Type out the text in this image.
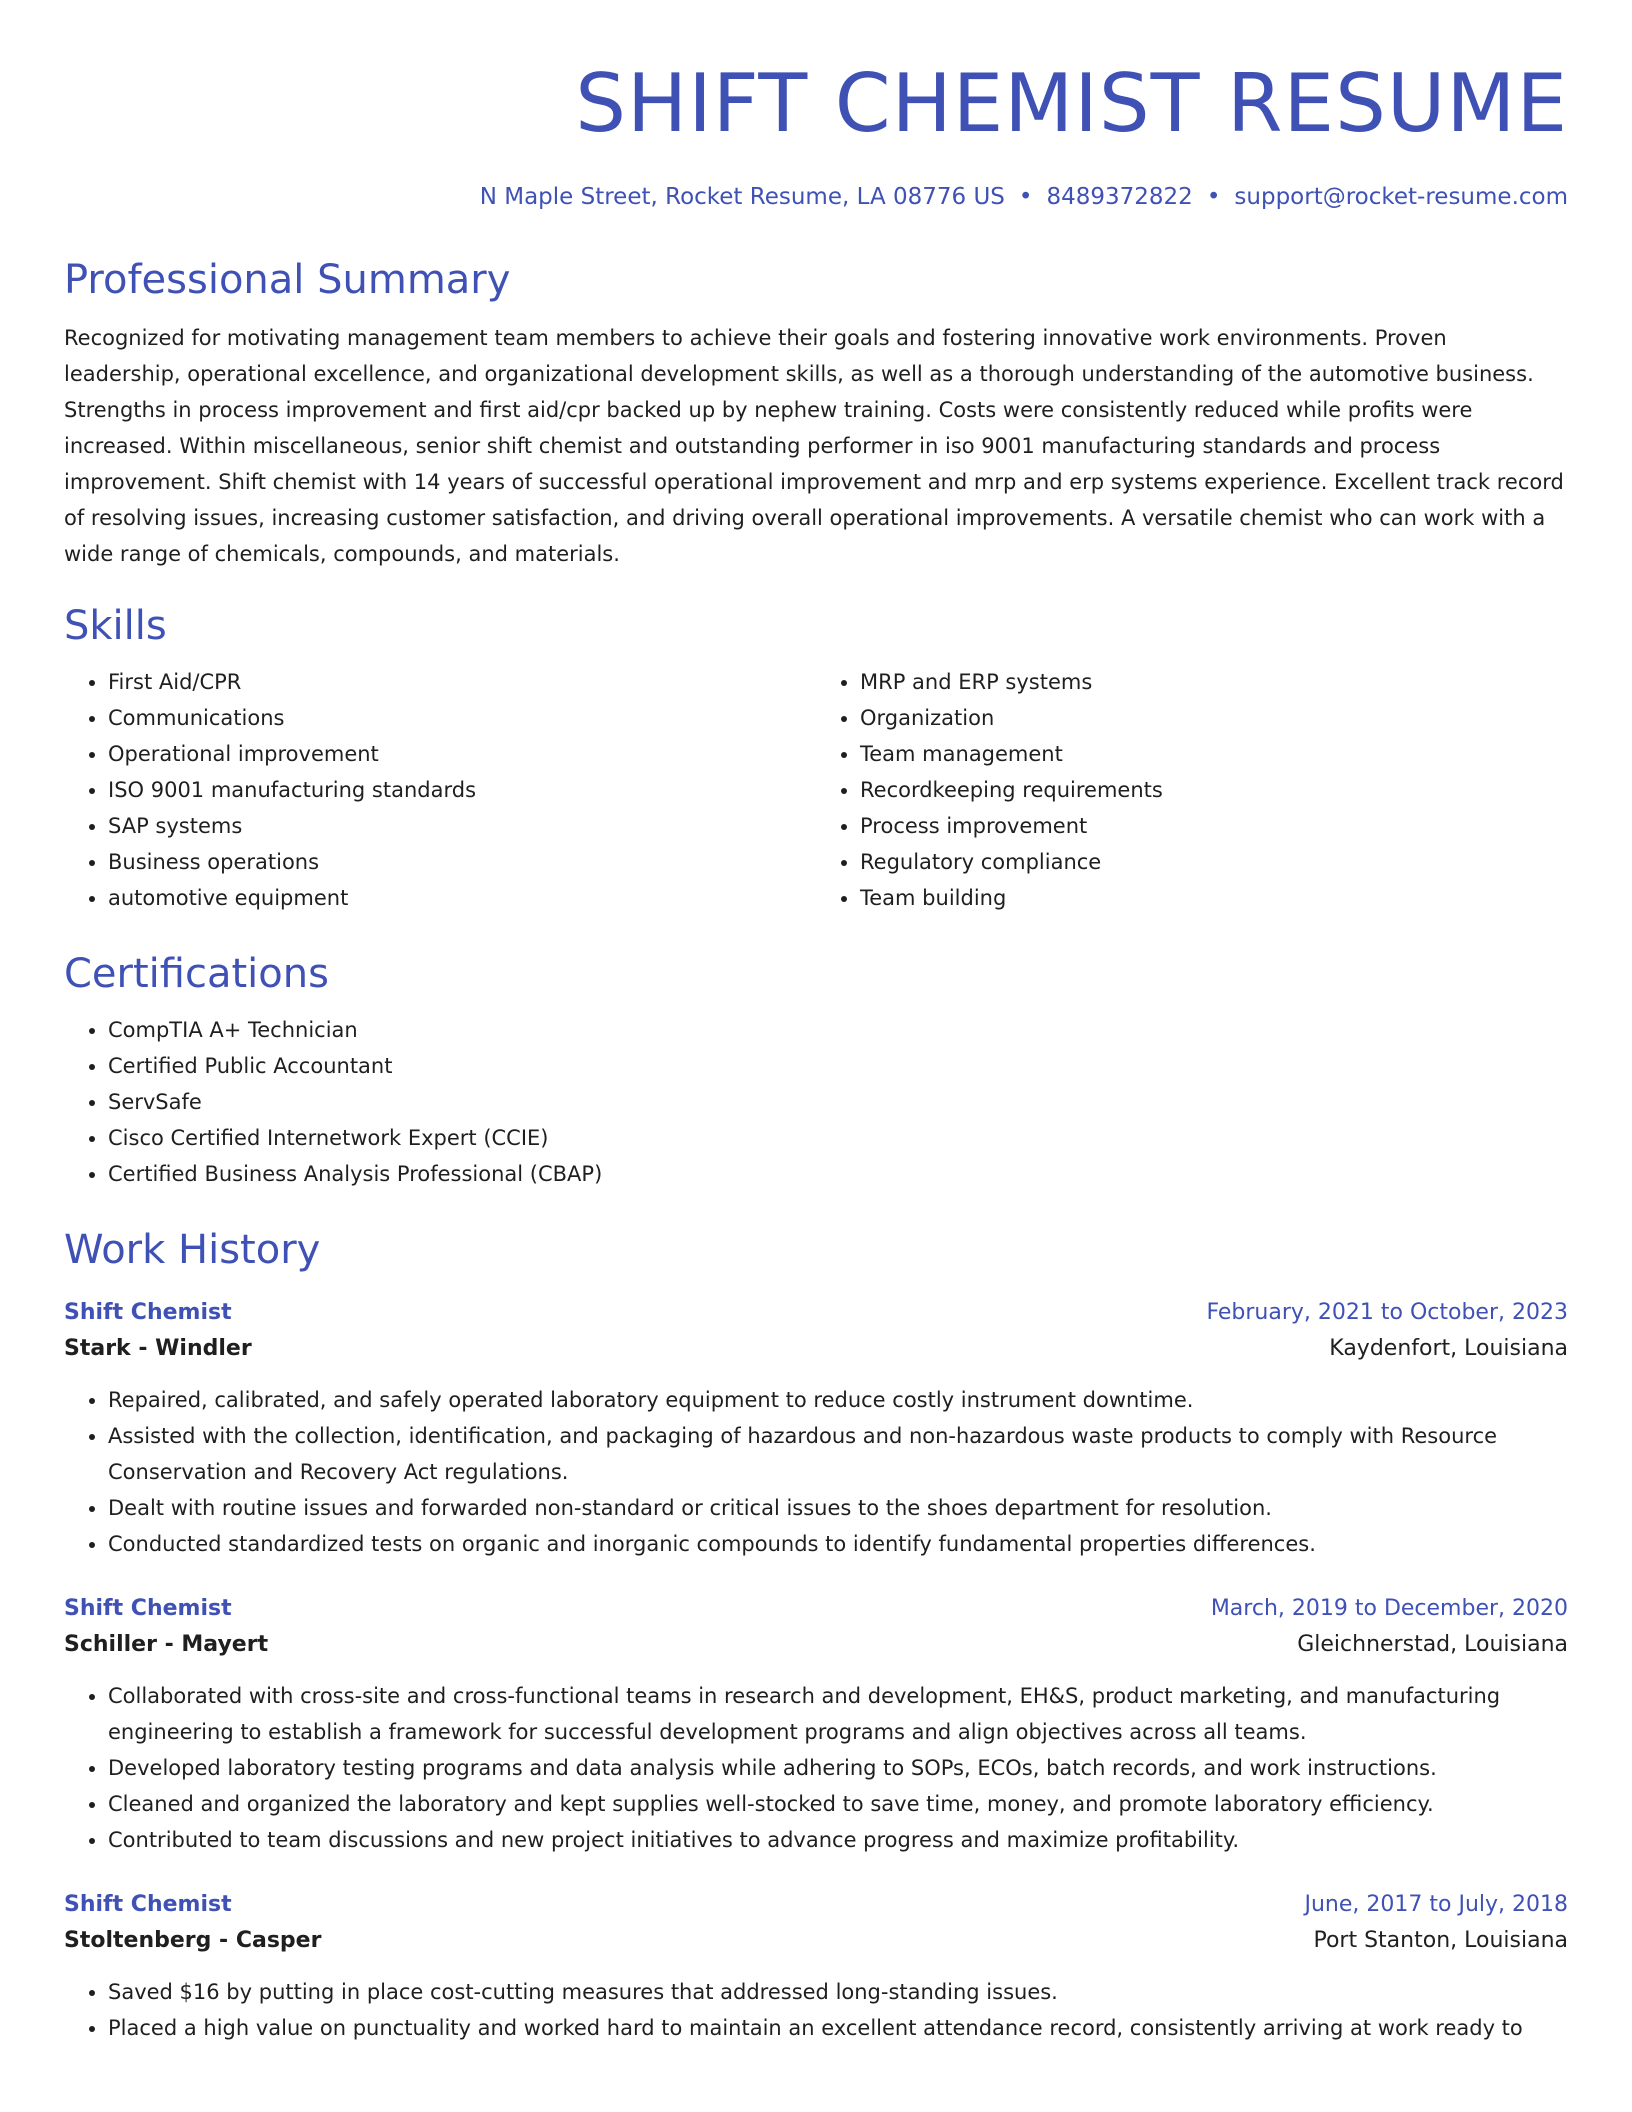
SHIFT CHEMIST RESUME
N Maple Street, Rocket Resume, LA 08776 US • 8489372822 • support@rocket-resume.com
Professional Summary
Recognized for motivating management team members to achieve their goals and fostering innovative work environments. Proven leadership, operational excellence, and organizational development skills, as well as a thorough understanding of the automotive business. Strengths in process improvement and first aid/cpr backed up by nephew training. Costs were consistently reduced while profits were increased. Within miscellaneous, senior shift chemist and outstanding performer in iso 9001 manufacturing standards and process improvement. Shift chemist with 14 years of successful operational improvement and mrp and erp systems experience. Excellent track record of resolving issues, increasing customer satisfaction, and driving overall operational improvements. A versatile chemist who can work with a wide range of chemicals, compounds, and materials.
Skills
• First Aid/CPR
• Communications
• Operational improvement
• ISO 9001 manufacturing standards
• SAP systems
• Business operations
• automotive equipment
• MRP and ERP systems
• Organization
• Team management
• Recordkeeping requirements
• Process improvement
• Regulatory compliance
• Team building
Certifications
• CompTIA A+ Technician
• Certified Public Accountant
• ServSafe
• Cisco Certified Internetwork Expert (CCIE)
• Certified Business Analysis Professional (CBAP)
Work History
Shift Chemist	February, 2021 to October, 2023
Stark - Windler	Kaydenfort, Louisiana
• Repaired, calibrated, and safely operated laboratory equipment to reduce costly instrument downtime.
• Assisted with the collection, identification, and packaging of hazardous and non-hazardous waste products to comply with Resource Conservation and Recovery Act regulations.
• Dealt with routine issues and forwarded non-standard or critical issues to the shoes department for resolution.
• Conducted standardized tests on organic and inorganic compounds to identify fundamental properties differences.
Shift Chemist	March, 2019 to December, 2020
Schiller - Mayert	Gleichnerstad, Louisiana
• Collaborated with cross-site and cross-functional teams in research and development, EH&S, product marketing, and manufacturing engineering to establish a framework for successful development programs and align objectives across all teams.
• Developed laboratory testing programs and data analysis while adhering to SOPs, ECOs, batch records, and work instructions.
• Cleaned and organized the laboratory and kept supplies well-stocked to save time, money, and promote laboratory efficiency.
• Contributed to team discussions and new project initiatives to advance progress and maximize profitability.
Shift Chemist	June, 2017 to July, 2018
Stoltenberg - Casper	Port Stanton, Louisiana
• Saved $16 by putting in place cost-cutting measures that addressed long-standing issues.
• Placed a high value on punctuality and worked hard to maintain an excellent attendance record, consistently arriving at work ready to
